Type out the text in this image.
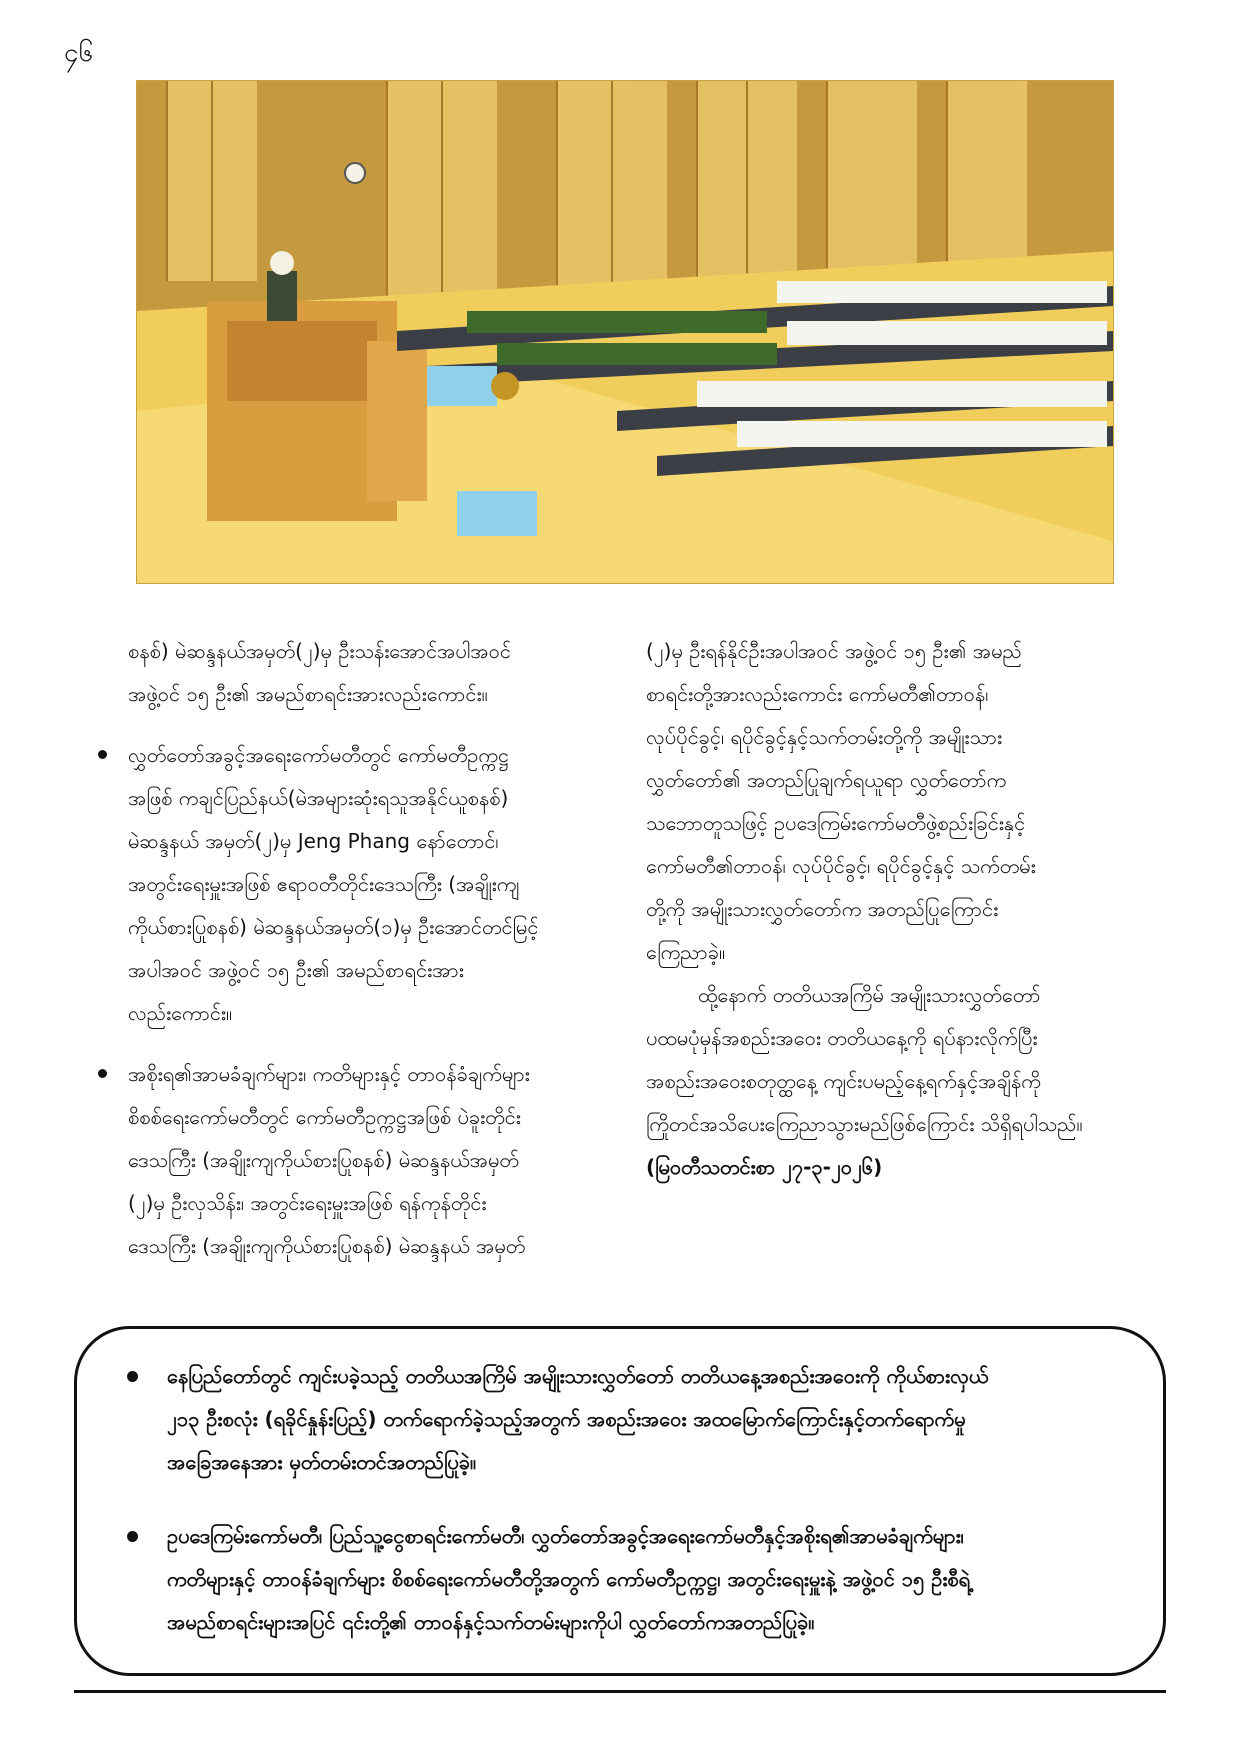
၄၆

စနစ်) မဲဆန္ဒနယ်အမှတ်(၂)မှ ဦးသန်းအောင်အပါအဝင်

အဖွဲ့ဝင် ၁၅ ဦး၏ အမည်စာရင်းအားလည်းကောင်း။

လွှတ်တော်အခွင့်အရေးကော်မတီတွင် ကော်မတီဥက္ကဋ္ဌ

အဖြစ် ကချင်ပြည်နယ်(မဲအများဆုံးရသူအနိုင်ယူစနစ်)

မဲဆန္ဒနယ် အမှတ်(၂)မှ Jeng Phang နော်တောင်၊

အတွင်းရေးမှူးအဖြစ် ဧရာဝတီတိုင်းဒေသကြီး (အချိုးကျ

ကိုယ်စားပြုစနစ်) မဲဆန္ဒနယ်အမှတ်(၁)မှ ဦးအောင်တင်မြင့်

အပါအဝင် အဖွဲ့ဝင် ၁၅ ဦး၏ အမည်စာရင်းအား

လည်းကောင်း။

အစိုးရ၏အာမခံချက်များ၊ ကတိများနှင့် တာဝန်ခံချက်များ

စိစစ်ရေးကော်မတီတွင် ကော်မတီဥက္ကဋ္ဌအဖြစ် ပဲခူးတိုင်း

ဒေသကြီး (အချိုးကျကိုယ်စားပြုစနစ်) မဲဆန္ဒနယ်အမှတ်

(၂)မှ ဦးလှသိန်း၊ အတွင်းရေးမှူးအဖြစ် ရန်ကုန်တိုင်း

ဒေသကြီး (အချိုးကျကိုယ်စားပြုစနစ်) မဲဆန္ဒနယ် အမှတ်

(၂)မှ ဦးရန်နိုင်ဦးအပါအဝင် အဖွဲ့ဝင် ၁၅ ဦး၏ အမည်

စာရင်းတို့အားလည်းကောင်း ကော်မတီ၏တာဝန်၊

လုပ်ပိုင်ခွင့်၊ ရပိုင်ခွင့်နှင့်သက်တမ်းတို့ကို အမျိုးသား

လွှတ်တော်၏ အတည်ပြုချက်ရယူရာ လွှတ်တော်က

သဘောတူသဖြင့် ဥပဒေကြမ်းကော်မတီဖွဲ့စည်းခြင်းနှင့်

ကော်မတီ၏တာဝန်၊ လုပ်ပိုင်ခွင့်၊ ရပိုင်ခွင့်နှင့် သက်တမ်း

တို့ကို အမျိုးသားလွှတ်တော်က အတည်ပြုကြောင်း

ကြေညာခဲ့။

ထို့နောက် တတိယအကြိမ် အမျိုးသားလွှတ်တော်

ပထမပုံမှန်အစည်းအဝေး တတိယနေ့ကို ရပ်နားလိုက်ပြီး

အစည်းအဝေးစတုတ္ထနေ့ ကျင်းပမည့်နေ့ရက်နှင့်အချိန်ကို

ကြိုတင်အသိပေးကြေညာသွားမည်ဖြစ်ကြောင်း သိရှိရပါသည်။

(မြဝတီသတင်းစာ ၂၇-၃-၂၀၂၆)

နေပြည်တော်တွင် ကျင်းပခဲ့သည့် တတိယအကြိမ် အမျိုးသားလွှတ်တော် တတိယနေ့အစည်းအဝေးကို ကိုယ်စားလှယ်
၂၁၃ ဦးစလုံး (ရခိုင်နှုန်းပြည့်) တက်ရောက်ခဲ့သည့်အတွက် အစည်းအဝေး အထမြောက်ကြောင်းနှင့်တက်ရောက်မှု
အခြေအနေအား မှတ်တမ်းတင်အတည်ပြုခဲ့။
ဥပဒေကြမ်းကော်မတီ၊ ပြည်သူ့ငွေစာရင်းကော်မတီ၊ လွှတ်တော်အခွင့်အရေးကော်မတီနှင့်အစိုးရ၏အာမခံချက်များ၊
ကတိများနှင့် တာဝန်ခံချက်များ စိစစ်ရေးကော်မတီတို့အတွက် ကော်မတီဥက္ကဋ္ဌ၊ အတွင်းရေးမှူးနဲ့ အဖွဲ့ဝင် ၁၅ ဦးစီရဲ့
အမည်စာရင်းများအပြင် ၎င်းတို့၏ တာဝန်နှင့်သက်တမ်းများကိုပါ လွှတ်တော်ကအတည်ပြုခဲ့။
